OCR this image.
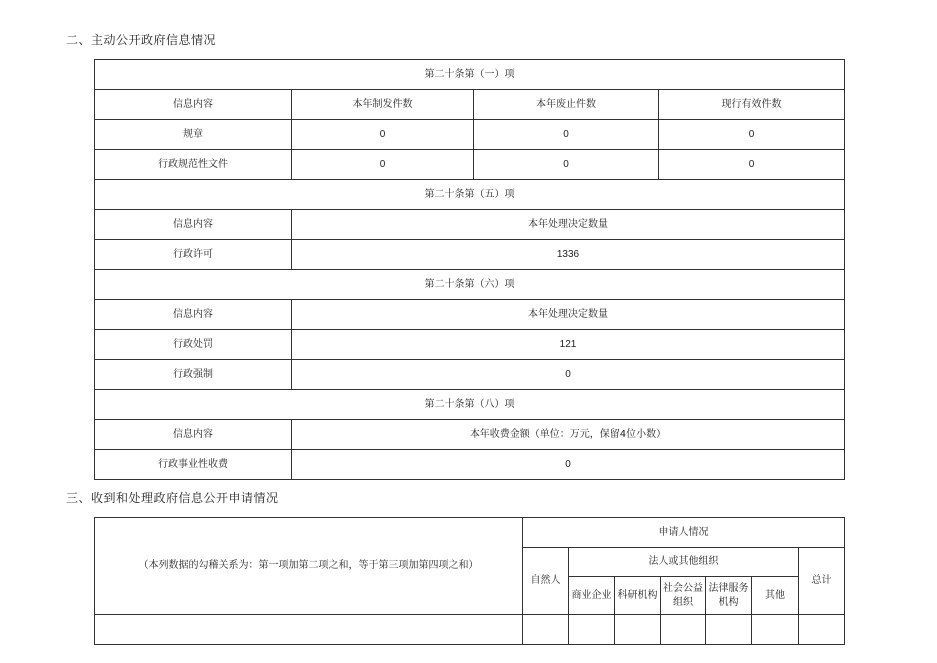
二、主动公开政府信息情况
第二十条第（一）项			
信息内容	本年制发件数	本年废止件数	现行有效件数
规章	0	0	0
行政规范性文件	0	0	0
第二十条第（五）项			
信息内容	本年处理决定数量		
行政许可	1336		
第二十条第（六）项			
信息内容	本年处理决定数量		
行政处罚	121		
行政强制	0		
第二十条第（八）项			
信息内容	本年收费金额（单位：万元，保留4位小数）		
行政事业性收费	0		
三、收到和处理政府信息公开申请情况
（本列数据的勾稽关系为：第一项加第二项之和，等于第三项加第四项之和）	申请人情况						
	自然人	法人或其他组织					总计
		商业企业	科研机构	社会公益组织	法律服务机构	其他	
